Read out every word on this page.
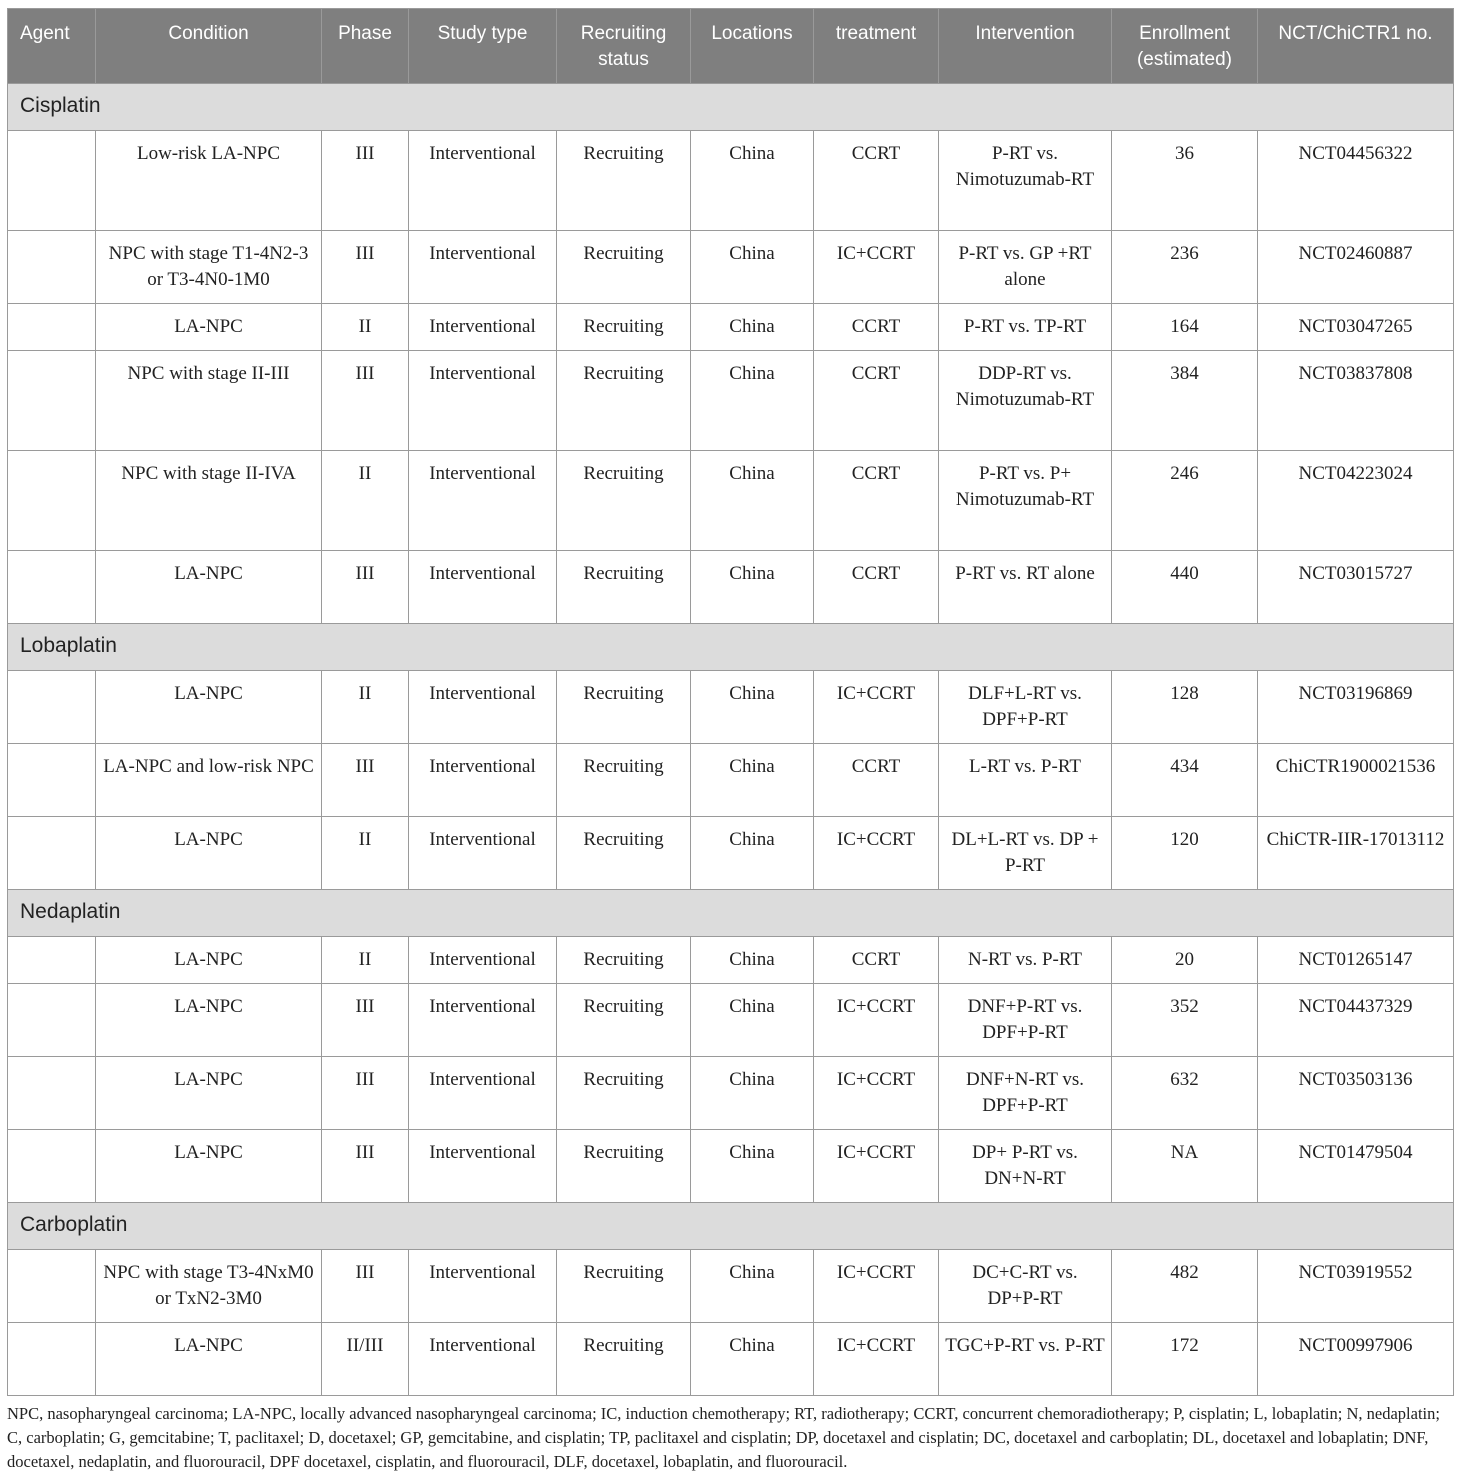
Agent	Condition	Phase	Study type	Recruiting status	Locations	treatment	Intervention	Enrollment (estimated)	NCT/ChiCTR1 no.
Cisplatin									
	Low-risk LA-NPC	III	Interventional	Recruiting	China	CCRT	P-RT vs. Nimotuzumab-RT	36	NCT04456322
	NPC with stage T1-4N2-3 or T3-4N0-1M0	III	Interventional	Recruiting	China	IC+CCRT	P-RT vs. GP +RT alone	236	NCT02460887
	LA-NPC	II	Interventional	Recruiting	China	CCRT	P-RT vs. TP-RT	164	NCT03047265
	NPC with stage II-III	III	Interventional	Recruiting	China	CCRT	DDP-RT vs. Nimotuzumab-RT	384	NCT03837808
	NPC with stage II-IVA	II	Interventional	Recruiting	China	CCRT	P-RT vs. P+ Nimotuzumab-RT	246	NCT04223024
	LA-NPC	III	Interventional	Recruiting	China	CCRT	P-RT vs. RT alone	440	NCT03015727
Lobaplatin									
	LA-NPC	II	Interventional	Recruiting	China	IC+CCRT	DLF+L-RT vs. DPF+P-RT	128	NCT03196869
	LA-NPC and low-risk NPC	III	Interventional	Recruiting	China	CCRT	L-RT vs. P-RT	434	ChiCTR1900021536
	LA-NPC	II	Interventional	Recruiting	China	IC+CCRT	DL+L-RT vs. DP + P-RT	120	ChiCTR-IIR-17013112
Nedaplatin									
	LA-NPC	II	Interventional	Recruiting	China	CCRT	N-RT vs. P-RT	20	NCT01265147
	LA-NPC	III	Interventional	Recruiting	China	IC+CCRT	DNF+P-RT vs. DPF+P-RT	352	NCT04437329
	LA-NPC	III	Interventional	Recruiting	China	IC+CCRT	DNF+N-RT vs. DPF+P-RT	632	NCT03503136
	LA-NPC	III	Interventional	Recruiting	China	IC+CCRT	DP+ P-RT vs. DN+N-RT	NA	NCT01479504
Carboplatin									
	NPC with stage T3-4NxM0 or TxN2-3M0	III	Interventional	Recruiting	China	IC+CCRT	DC+C-RT vs. DP+P-RT	482	NCT03919552
	LA-NPC	II/III	Interventional	Recruiting	China	IC+CCRT	TGC+P-RT vs. P-RT	172	NCT00997906
NPC, nasopharyngeal carcinoma; LA-NPC, locally advanced nasopharyngeal carcinoma; IC, induction chemotherapy; RT, radiotherapy; CCRT, concurrent chemoradiotherapy; P, cisplatin; L, lobaplatin; N, nedaplatin; C, carboplatin; G, gemcitabine; T, paclitaxel; D, docetaxel; GP, gemcitabine, and cisplatin; TP, paclitaxel and cisplatin; DP, docetaxel and cisplatin; DC, docetaxel and carboplatin; DL, docetaxel and lobaplatin; DNF, docetaxel, nedaplatin, and fluorouracil, DPF docetaxel, cisplatin, and fluorouracil, DLF, docetaxel, lobaplatin, and fluorouracil.
